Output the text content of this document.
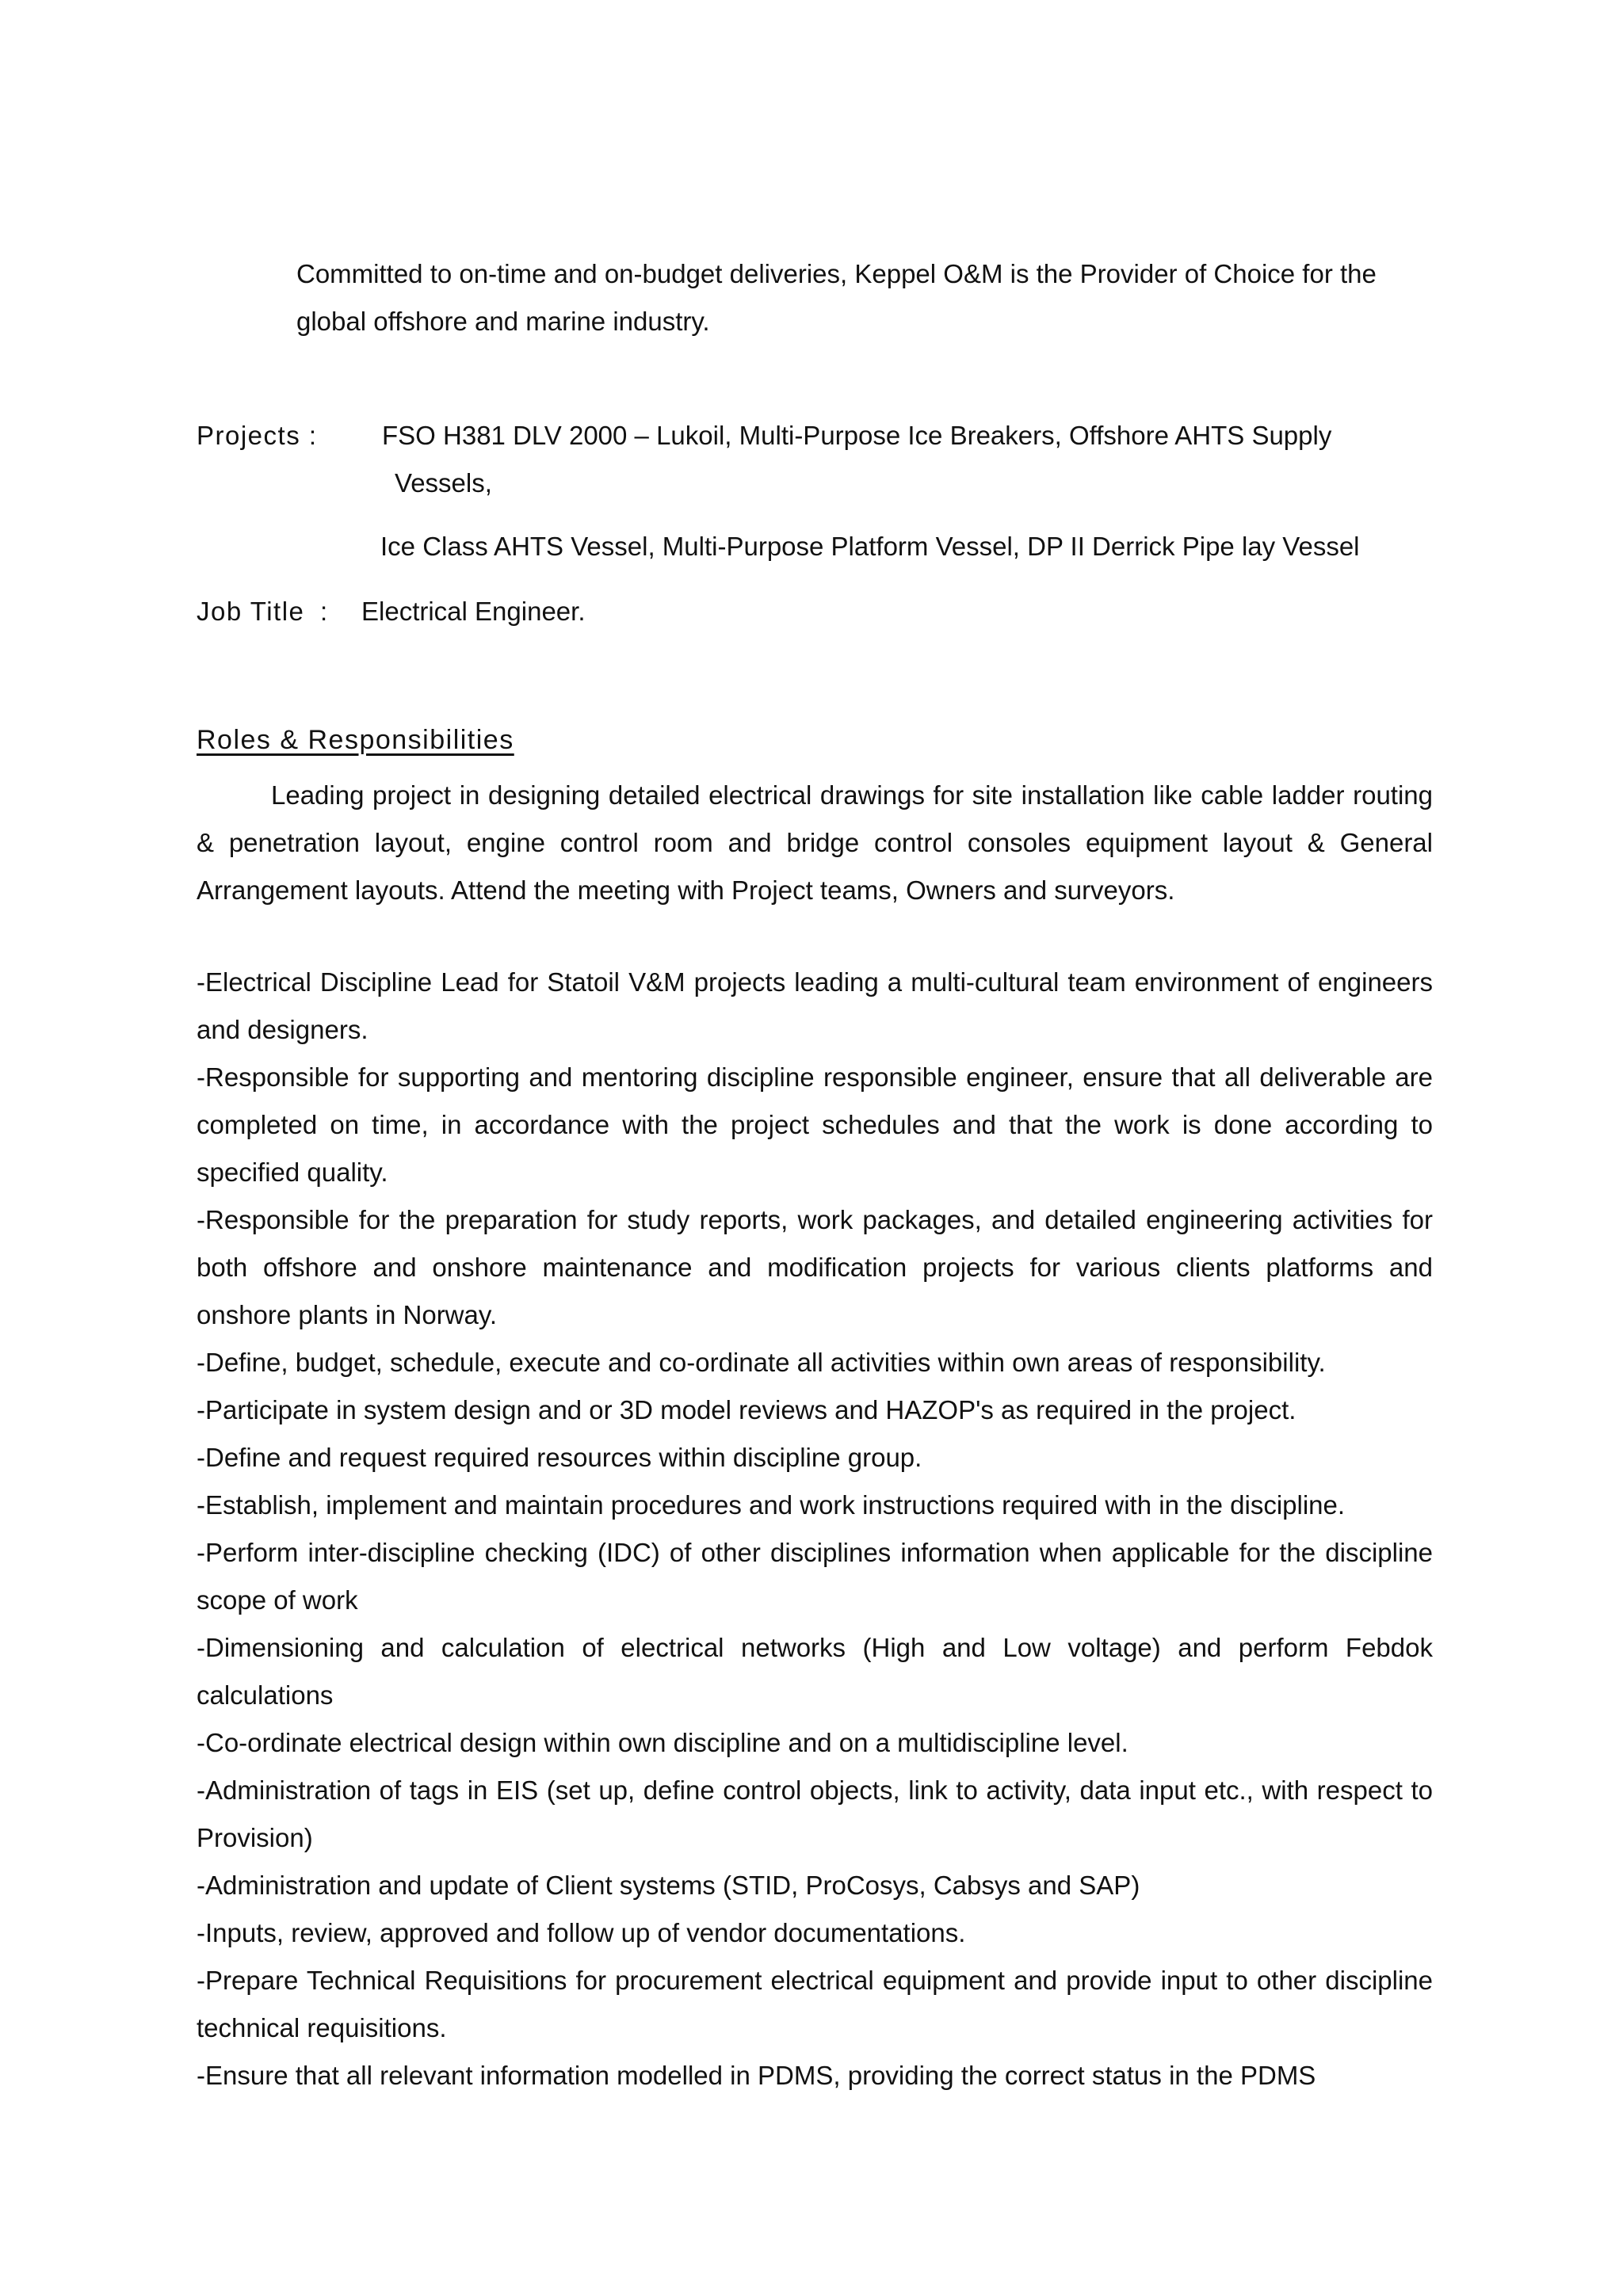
Committed to on-time and on-budget deliveries, Keppel O&M is the Provider of Choice for the

global offshore and marine industry.

Projects : FSO H381 DLV 2000 – Lukoil, Multi-Purpose Ice Breakers, Offshore AHTS Supply

Vessels,

Ice Class AHTS Vessel, Multi-Purpose Platform Vessel, DP II Derrick Pipe lay Vessel

Job Title : Electrical Engineer.

Roles & Responsibilities

Leading project in designing detailed electrical drawings for site installation like cable ladder routing & penetration layout, engine control room and bridge control consoles equipment layout & General Arrangement layouts. Attend the meeting with Project teams, Owners and surveyors.

-Electrical Discipline Lead for Statoil V&M projects leading a multi-cultural team environment of engineers and designers.
-Responsible for supporting and mentoring discipline responsible engineer, ensure that all deliverable are completed on time, in accordance with the project schedules and that the work is done according to specified quality.
-Responsible for the preparation for study reports, work packages, and detailed engineering activities for both offshore and onshore maintenance and modification projects for various clients platforms and onshore plants in Norway.
-Define, budget, schedule, execute and co-ordinate all activities within own areas of responsibility.
-Participate in system design and or 3D model reviews and HAZOP's as required in the project.
-Define and request required resources within discipline group.
-Establish, implement and maintain procedures and work instructions required with in the discipline.
-Perform inter-discipline checking (IDC) of other disciplines information when applicable for the discipline scope of work
-Dimensioning and calculation of electrical networks (High and Low voltage) and perform Febdok calculations
-Co-ordinate electrical design within own discipline and on a multidiscipline level.
-Administration of tags in EIS (set up, define control objects, link to activity, data input etc., with respect to Provision)
-Administration and update of Client systems (STID, ProCosys, Cabsys and SAP)
-Inputs, review, approved and follow up of vendor documentations.
-Prepare Technical Requisitions for procurement electrical equipment and provide input to other discipline technical requisitions.
-Ensure that all relevant information modelled in PDMS, providing the correct status in the PDMS
